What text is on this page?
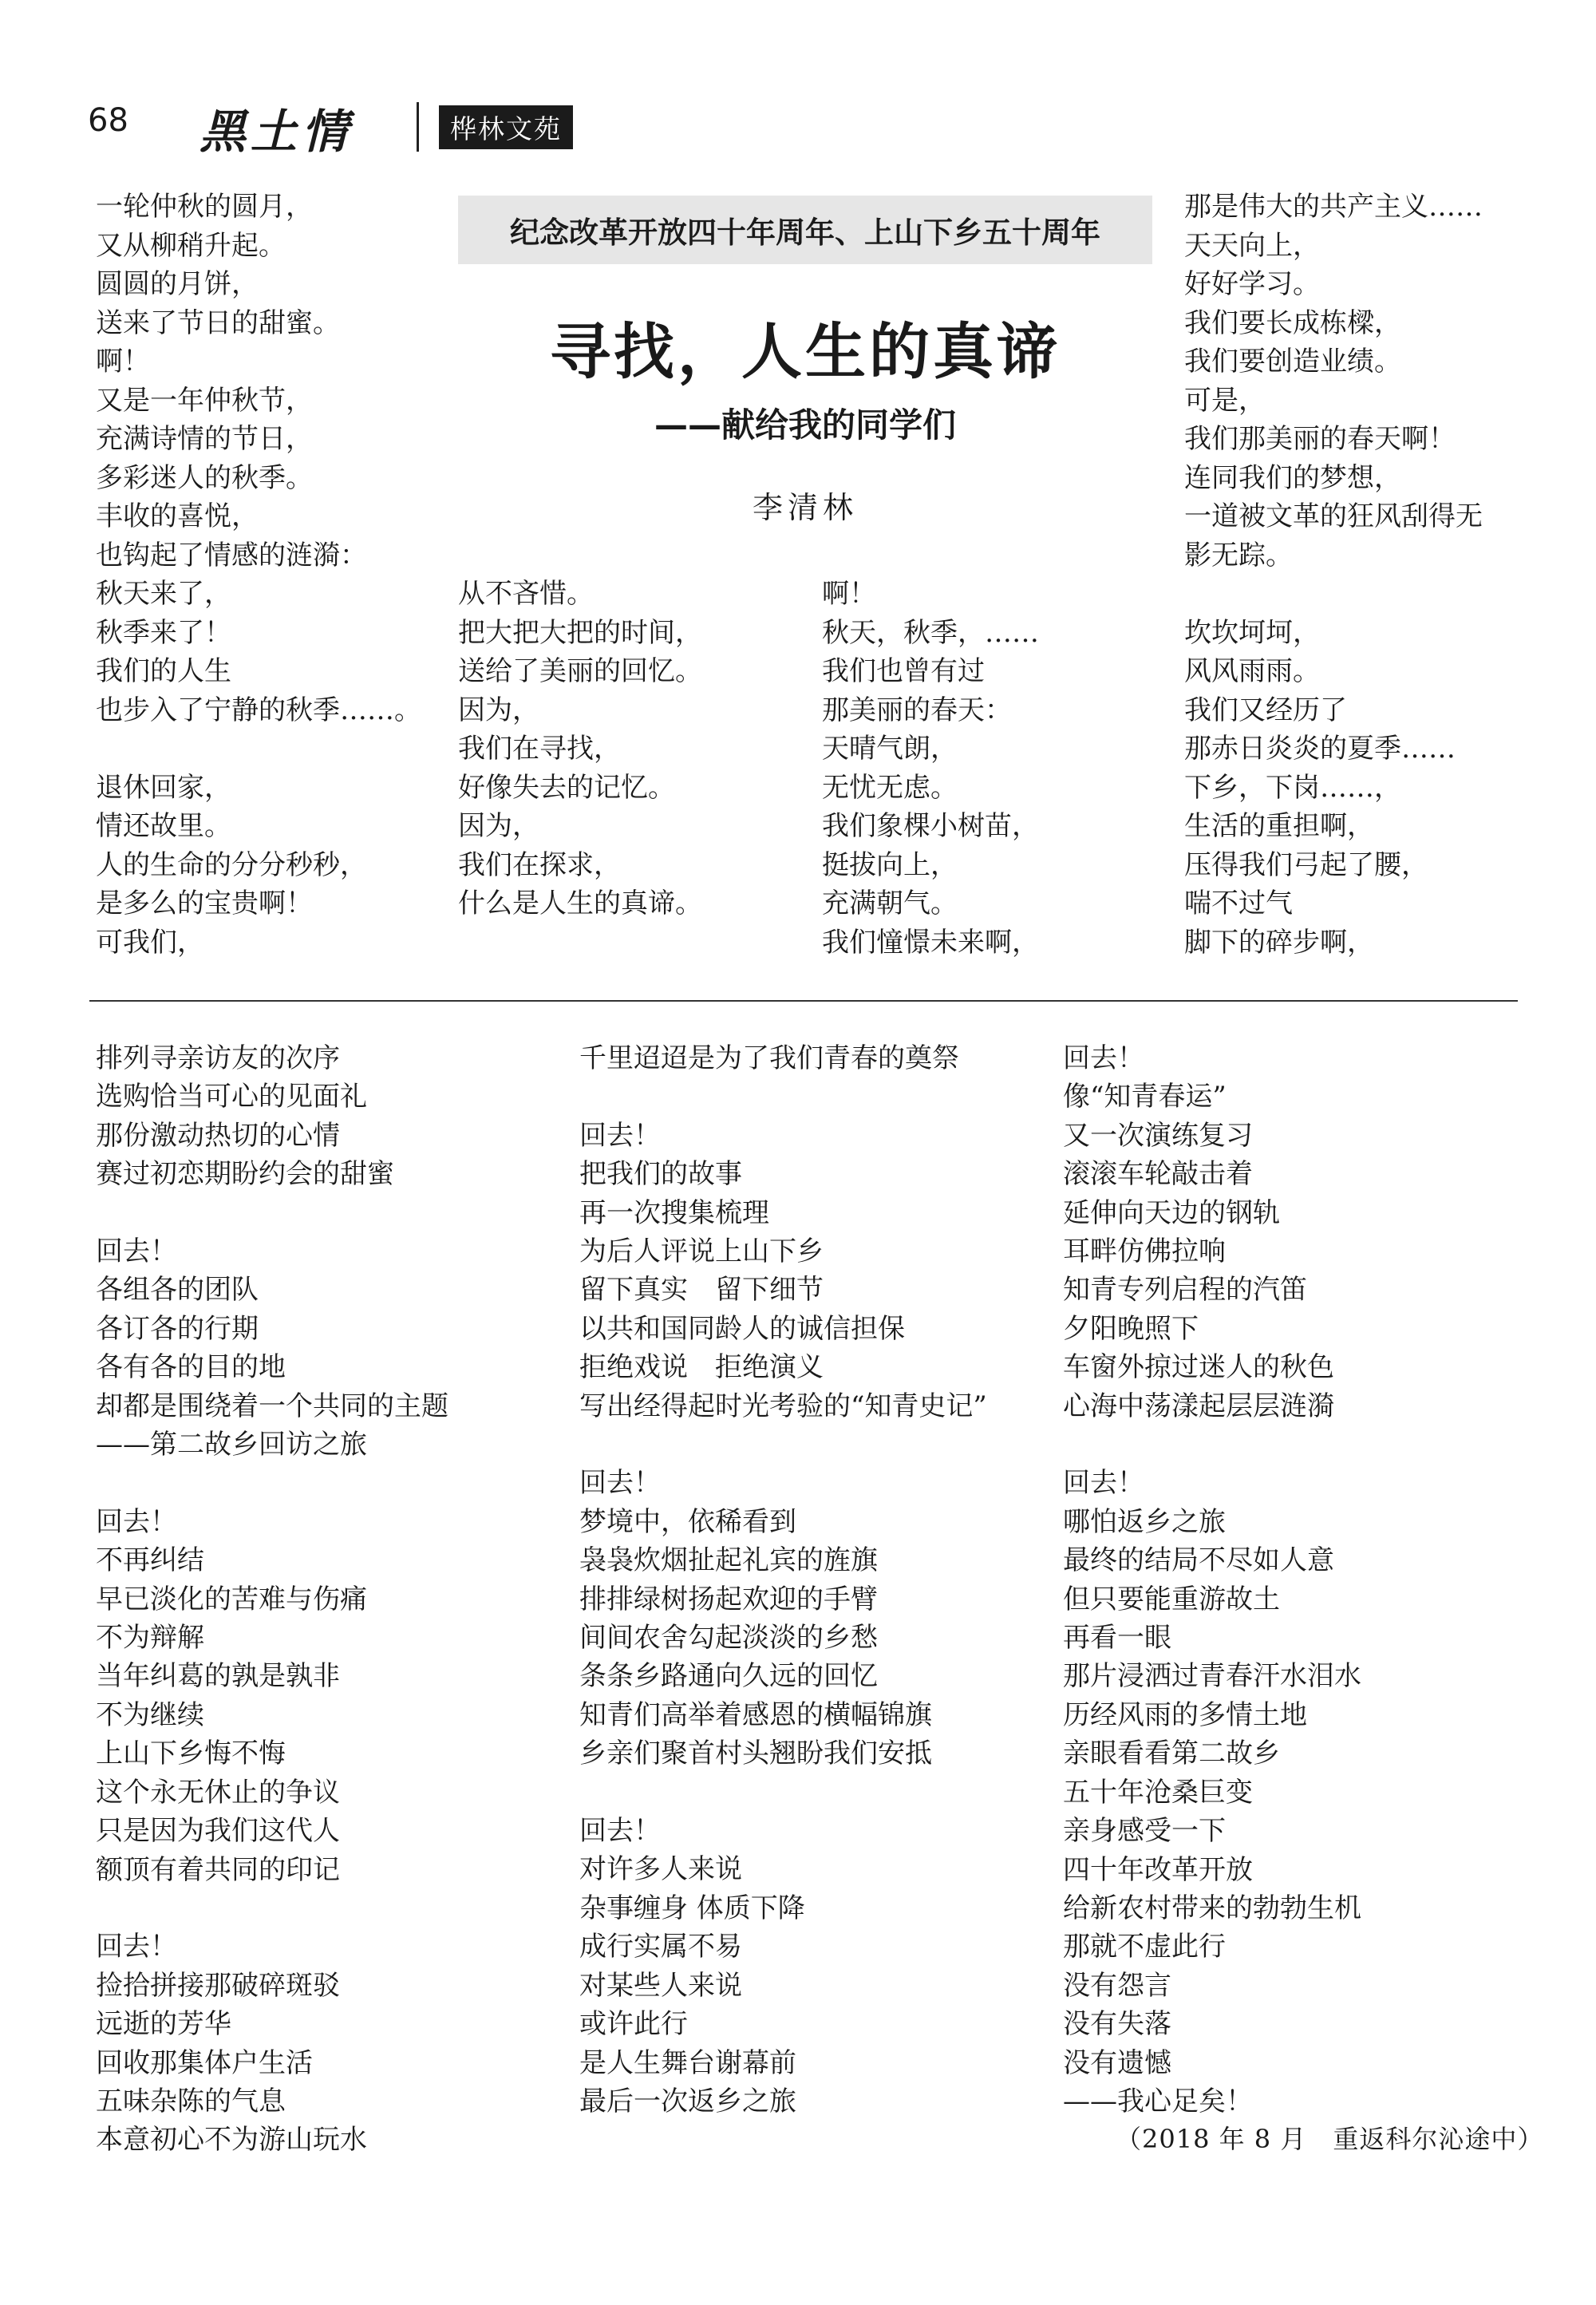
68 黑土情	桦林文苑
纪念改革开放四十年周年、上山下乡五十周年
寻找，人生的真谛
——献给我的同学们
李清林
一轮仲秋的圆月，
又从柳稍升起。
圆圆的月饼，
送来了节日的甜蜜。
啊！
又是一年仲秋节，
充满诗情的节日，
多彩迷人的秋季。
丰收的喜悦，
也钩起了情感的涟漪：
秋天来了，
秋季来了！
我们的人生
也步入了宁静的秋季……。
退休回家，
情还故里。
人的生命的分分秒秒，
是多么的宝贵啊！
可我们，
从不吝惜。
把大把大把的时间，
送给了美丽的回忆。
因为，
我们在寻找，
好像失去的记忆。
因为，
我们在探求，
什么是人生的真谛。
啊！
秋天，秋季，……
我们也曾有过
那美丽的春天：
天晴气朗，
无忧无虑。
我们象棵小树苗，
挺拔向上，
充满朝气。
我们憧憬未来啊，
那是伟大的共产主义……
天天向上，
好好学习。
我们要长成栋樑，
我们要创造业绩。
可是，
我们那美丽的春天啊！
连同我们的梦想，
一道被文革的狂风刮得无
影无踪。
坎坎坷坷，
风风雨雨。
我们又经历了
那赤日炎炎的夏季……
下乡，下岗……，
生活的重担啊，
压得我们弓起了腰，
喘不过气
脚下的碎步啊，
排列寻亲访友的次序
选购恰当可心的见面礼
那份激动热切的心情
赛过初恋期盼约会的甜蜜
回去！
各组各的团队
各订各的行期
各有各的目的地
却都是围绕着一个共同的主题
——第二故乡回访之旅
回去！
不再纠结
早已淡化的苦难与伤痛
不为辩解
当年纠葛的孰是孰非
不为继续
上山下乡悔不悔
这个永无休止的争议
只是因为我们这代人
额顶有着共同的印记
回去！
捡拾拼接那破碎斑驳
远逝的芳华
回收那集体户生活
五味杂陈的气息
本意初心不为游山玩水
千里迢迢是为了我们青春的奠祭
回去！
把我们的故事
再一次搜集梳理
为后人评说上山下乡
留下真实　留下细节
以共和国同龄人的诚信担保
拒绝戏说　拒绝演义
写出经得起时光考验的“知青史记”
回去！
梦境中，依稀看到
袅袅炊烟扯起礼宾的旌旗
排排绿树扬起欢迎的手臂
间间农舍勾起淡淡的乡愁
条条乡路通向久远的回忆
知青们高举着感恩的横幅锦旗
乡亲们聚首村头翘盼我们安抵
回去！
对许多人来说
杂事缠身 体质下降
成行实属不易
对某些人来说
或许此行
是人生舞台谢幕前
最后一次返乡之旅
回去！
像“知青春运”
又一次演练复习
滚滚车轮敲击着
延伸向天边的钢轨
耳畔仿佛拉响
知青专列启程的汽笛
夕阳晚照下
车窗外掠过迷人的秋色
心海中荡漾起层层涟漪
回去！
哪怕返乡之旅
最终的结局不尽如人意
但只要能重游故土
再看一眼
那片浸洒过青春汗水泪水
历经风雨的多情土地
亲眼看看第二故乡
五十年沧桑巨变
亲身感受一下
四十年改革开放
给新农村带来的勃勃生机
那就不虚此行
没有怨言
没有失落
没有遗憾
——我心足矣！
（2018 年 8 月　重返科尔沁途中）
